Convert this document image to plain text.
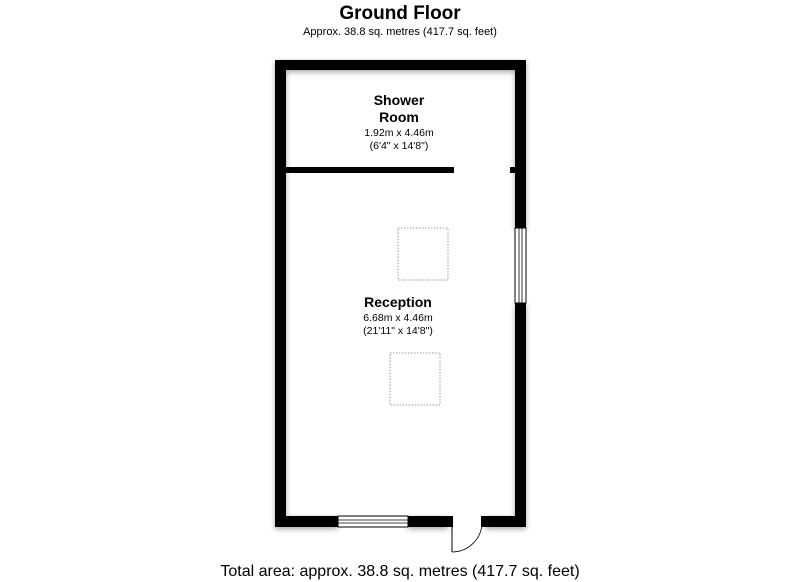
Ground Floor
Approx. 38.8 sq. metres (417.7 sq. feet)
Shower
Room
1.92m x 4.46m
(6'4" x 14'8")
Reception
6.68m x 4.46m
(21'11" x 14'8")
Total area: approx. 38.8 sq. metres (417.7 sq. feet)
